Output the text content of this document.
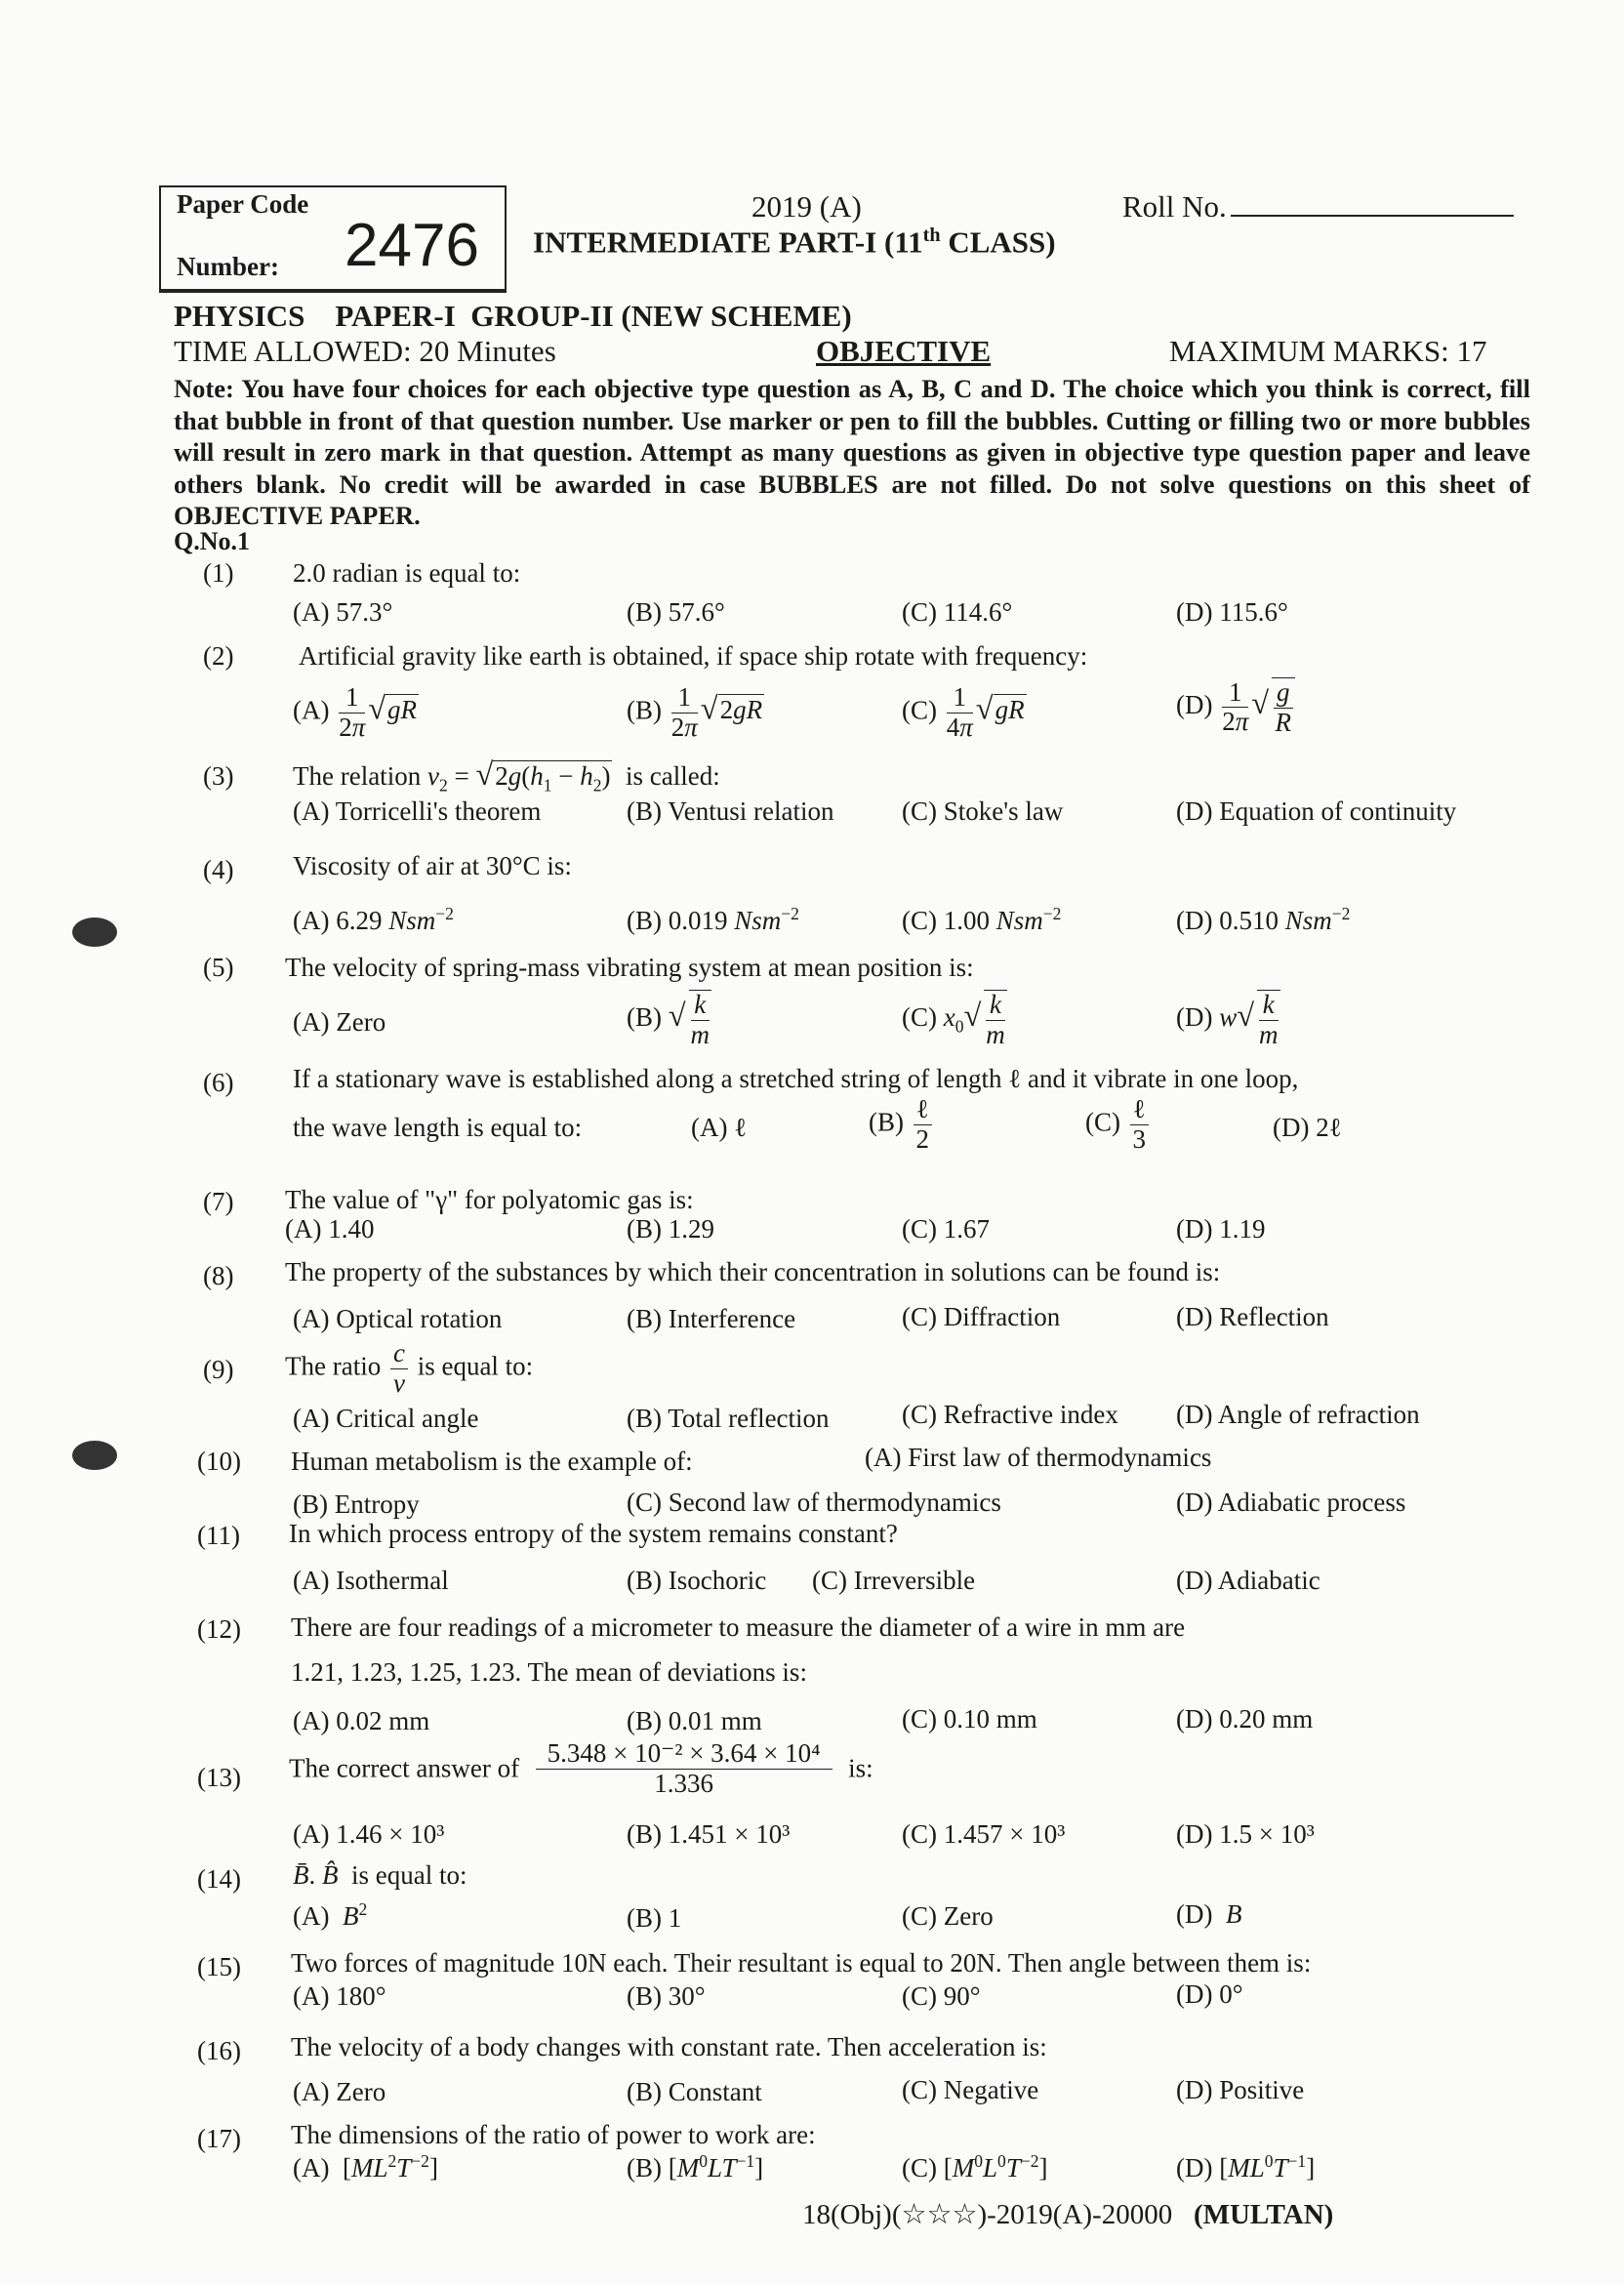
Paper Code
Number: 2476
2019 (A)	Roll No.
INTERMEDIATE PART-I (11th CLASS)
PHYSICS    PAPER-I  GROUP-II (NEW SCHEME)
TIME ALLOWED: 20 Minutes	OBJECTIVE	MAXIMUM MARKS: 17
Note: You have four choices for each objective type question as A, B, C and D. The choice which you think is correct, fill that bubble in front of that question number. Use marker or pen to fill the bubbles. Cutting or filling two or more bubbles will result in zero mark in that question. Attempt as many questions as given in objective type question paper and leave others blank. No credit will be awarded in case BUBBLES are not filled. Do not solve questions on this sheet of OBJECTIVE PAPER.
Q.No.1
(1) 2.0 radian is equal to:
(A) 57.3°	(B) 57.6°	(C) 114.6°	(D) 115.6°
(2) Artificial gravity like earth is obtained, if space ship rotate with frequency:
$(A) \frac{1}{2\pi} √gR$	$(B) \frac{1}{2\pi} √2gR$	$(C) \frac{1}{4\pi} √gR$	$(D) \frac{1}{2\pi}$ √ $\frac{g}{R}$
(3) The relation $v_2 = √2g(h_1 - h_2)$ is called:
(A) Torricelli's theorem	(B) Ventusi relation	(C) Stoke's law	(D) Equation of continuity
(4) Viscosity of air at 30°C is:
(A) 6.29 Nsm$^{-2}$	(B) 0.019 Nsm$^{-2}$	(C) 1.00 Nsm$^{-2}$	(D) 0.510 Nsm$^{-2}$
(5) The velocity of spring-mass vibrating system at mean position is:
(A) Zero	(B) √ $\frac{k}{m}$	(C) $x_0√ \frac{k}{m}$	(D) $w√ \frac{k}{m}$
(6) If a stationary wave is established along a stretched string of length ℓ and it vibrate in one loop,
the wave length is equal to:	(A) ℓ	$(B) \frac{\text{ℓ}}{2}$	$(C) \frac{\text{ℓ}}{3}$	(D) 2ℓ
(7) The value of "γ" for polyatomic gas is:
(A) 1.40	(B) 1.29	(C) 1.67	(D) 1.19
(8) The property of the substances by which their concentration in solutions can be found is:
(A) Optical rotation	(B) Interference	(C) Diffraction	(D) Reflection
(9) The ratio $\frac{c}{v}$ is equal to:
(A) Critical angle	(B) Total reflection	(C) Refractive index (D) Angle of refraction
(10) Human metabolism is the example of:	(A) First law of thermodynamics
(B) Entropy	(C) Second law of thermodynamics	(D) Adiabatic process
(11) In which process entropy of the system remains constant?
(A) Isothermal	(B) Isochoric (C) Irreversible	(D) Adiabatic
(12) There are four readings of a micrometer to measure the diameter of a wire in mm are
1.21, 1.23, 1.25, 1.23. The mean of deviations is:
(A) 0.02 mm	(B) 0.01 mm	(C) 0.10 mm	(D) 0.20 mm
(13) The correct answer of $\frac{\text{5.348 × 10⁻² × 3.64 × 10⁴}}{1.336}$ is:
(A) 1.46 × 10³	(B) 1.451 × 10³	(C) 1.457 × 10³	(D) 1.5 × 10³
(14) B̄. B̂ is equal to:
(A) $B^2$	(B) 1	(C) Zero	(D) B
(15) Two forces of magnitude 10N each. Their resultant is equal to 20N. Then angle between them is:
(A) 180°	(B) 30°	(C) 90°	(D) 0°
(16) The velocity of a body changes with constant rate. Then acceleration is:
(A) Zero	(B) Constant	(C) Negative	(D) Positive
(17) The dimensions of the ratio of power to work are:
(A)  $[ML^2T^{-2}]$	(B) $[M^0LT^{-1}]$	(C) $[M^0L^0T^{-2}]$	(D) $[ML^0T^{-1}]$
18(Obj)(☆☆☆)-2019(A)-20000 (MULTAN)
